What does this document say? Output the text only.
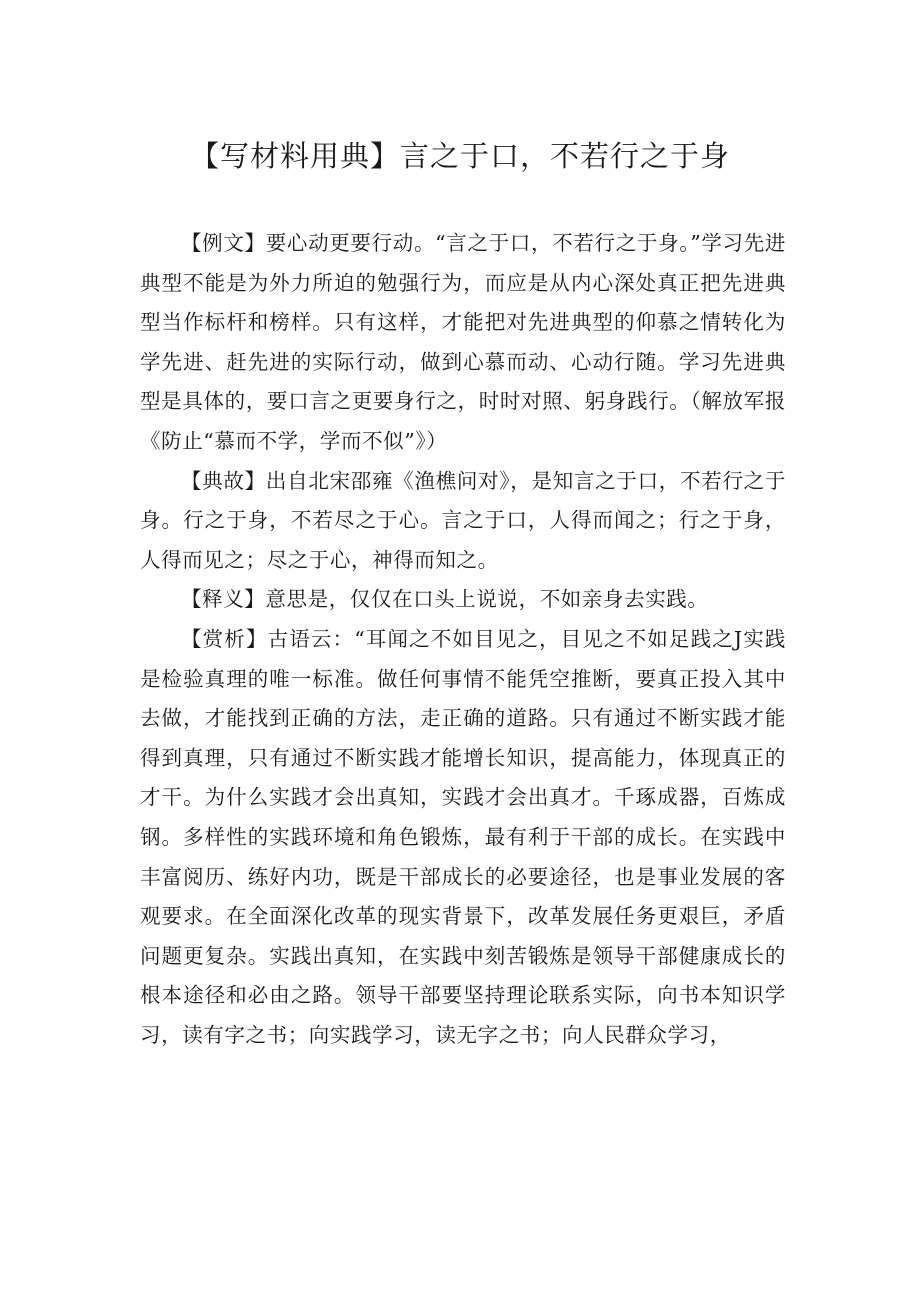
【写材料用典】言之于口，不若行之于身

【例文】要心动更要行动。“言之于口，不若行之于身。”学习先进典型不能是为外力所迫的勉强行为，而应是从内心深处真正把先进典型当作标杆和榜样。只有这样，才能把对先进典型的仰慕之情转化为学先进、赶先进的实际行动，做到心慕而动、心动行随。学习先进典型是具体的，要口言之更要身行之，时时对照、躬身践行。（解放军报《防止“慕而不学，学而不似”》）

【典故】出自北宋邵雍《渔樵问对》，是知言之于口，不若行之于身。行之于身，不若尽之于心。言之于口，人得而闻之；行之于身，人得而见之；尽之于心，神得而知之。

【释义】意思是，仅仅在口头上说说，不如亲身去实践。

【赏析】古语云：“耳闻之不如目见之，目见之不如足践之J实践是检验真理的唯一标准。做任何事情不能凭空推断，要真正投入其中去做，才能找到正确的方法，走正确的道路。只有通过不断实践才能得到真理，只有通过不断实践才能增长知识，提高能力，体现真正的才干。为什么实践才会出真知，实践才会出真才。千琢成器，百炼成钢。多样性的实践环境和角色锻炼，最有利于干部的成长。在实践中丰富阅历、练好内功，既是干部成长的必要途径，也是事业发展的客观要求。在全面深化改革的现实背景下，改革发展任务更艰巨，矛盾问题更复杂。实践出真知，在实践中刻苦锻炼是领导干部健康成长的根本途径和必由之路。领导干部要坚持理论联系实际，向书本知识学习，读有字之书；向实践学习，读无字之书；向人民群众学习，
